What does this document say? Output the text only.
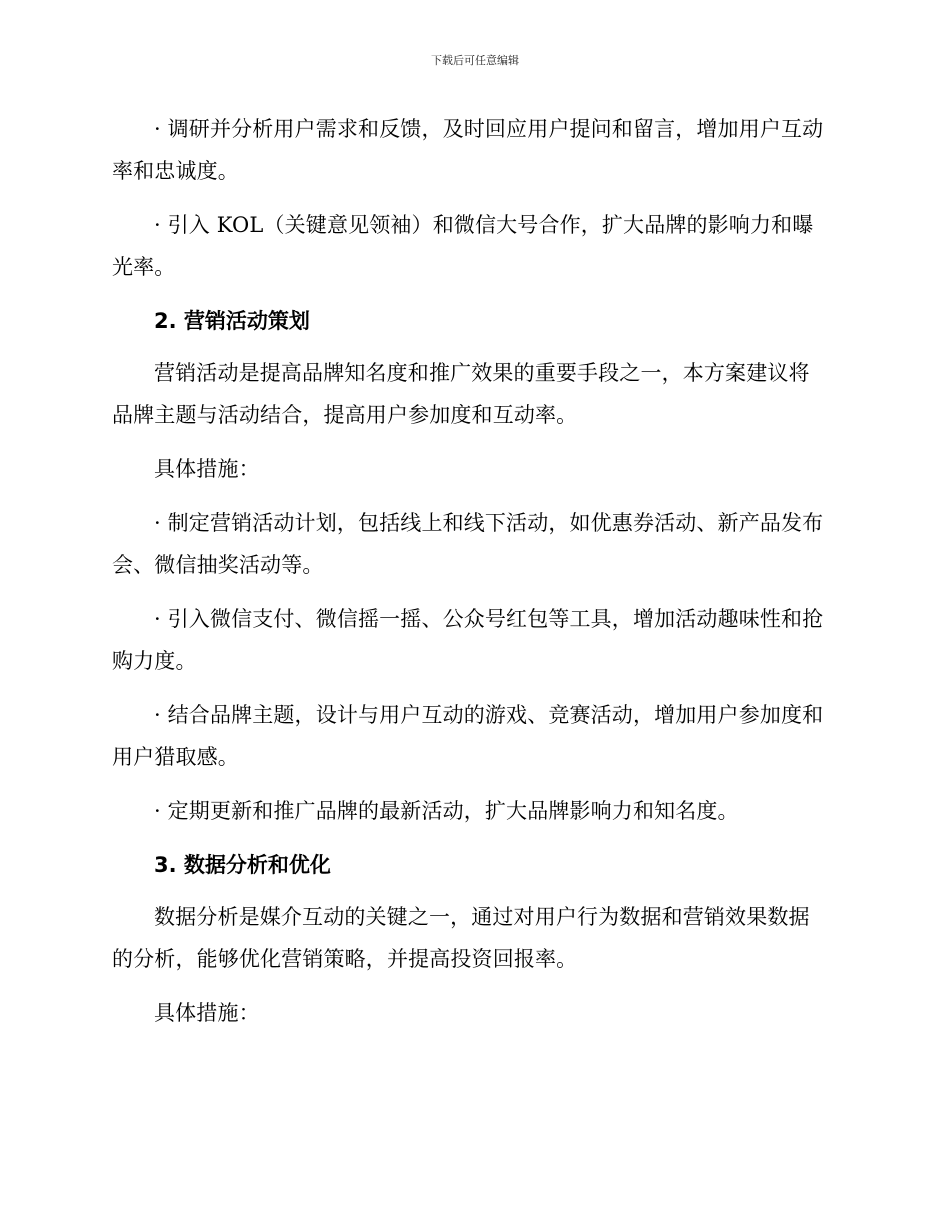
下载后可任意编辑

· 调研并分析用户需求和反馈，及时回应用户提问和留言，增加用户互动率和忠诚度。

· 引入 KOL（关键意见领袖）和微信大号合作，扩大品牌的影响力和曝光率。

2. 营销活动策划

营销活动是提高品牌知名度和推广效果的重要手段之一，本方案建议将品牌主题与活动结合，提高用户参加度和互动率。

具体措施：

· 制定营销活动计划，包括线上和线下活动，如优惠券活动、新产品发布会、微信抽奖活动等。

· 引入微信支付、微信摇一摇、公众号红包等工具，增加活动趣味性和抢购力度。

· 结合品牌主题，设计与用户互动的游戏、竞赛活动，增加用户参加度和用户猎取感。

· 定期更新和推广品牌的最新活动，扩大品牌影响力和知名度。

3. 数据分析和优化

数据分析是媒介互动的关键之一，通过对用户行为数据和营销效果数据的分析，能够优化营销策略，并提高投资回报率。

具体措施：
